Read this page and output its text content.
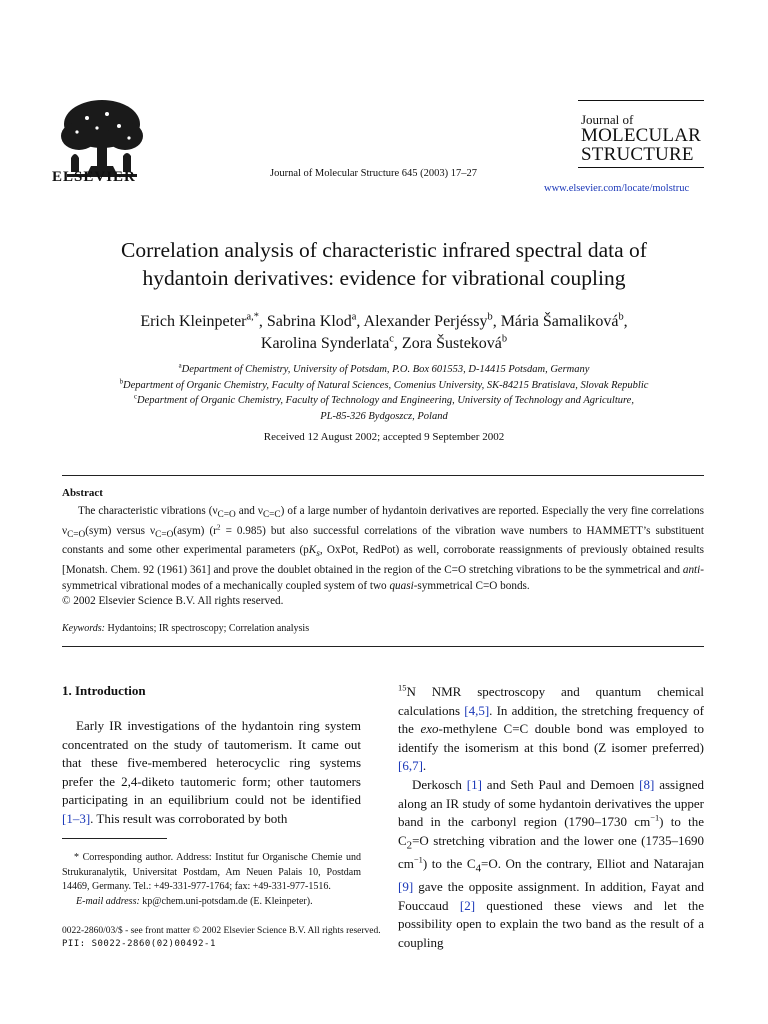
ELSEVIER	Journal of Molecular Structure 645 (2003) 17–27
Journal of
MOLECULAR
STRUCTURE
www.elsevier.com/locate/molstruc
Correlation analysis of characteristic infrared spectral data of
hydantoin derivatives: evidence for vibrational coupling
Erich Kleinpeter$^{a,*}$, Sabrina Klod$^a$, Alexander Perjéssy$^b$, Mária Šamaliková$^b$,
Karolina Synderlata$^c$, Zora Šusteková$^b$
$^a$Department of Chemistry, University of Potsdam, P.O. Box 601553, D-14415 Potsdam, Germany
$^b$Department of Organic Chemistry, Faculty of Natural Sciences, Comenius University, SK-84215 Bratislava, Slovak Republic
$^c$Department of Organic Chemistry, Faculty of Technology and Engineering, University of Technology and Agriculture,
PL-85-326 Bydgoszcz, Poland
Received 12 August 2002; accepted 9 September 2002
Abstract
The characteristic vibrations ($\nu_{C=O}$ and $\nu_{C=C}$) of a large number of hydantoin derivatives are reported. Especially the very fine correlations $\nu_{C=O}(sym)$ versus $\nu_{C=O}(asym) (r^2 = 0.985)$ but also successful correlations of the vibration wave numbers to HAMMETT’s substituent constants and some other experimental parameters ($pK_s$, OxPot, RedPot) as well, corroborate reassignments of previously obtained results [Monatsh. Chem. 92 (1961) 361] and prove the doublet obtained in the region of the C=O stretching vibrations to be the symmetrical and anti-symmetrical vibrational modes of a mechanically coupled system of two quasi-symmetrical C=O bonds.
© 2002 Elsevier Science B.V. All rights reserved.
Keywords: Hydantoins; IR spectroscopy; Correlation analysis
1. Introduction
Early IR investigations of the hydantoin ring system concentrated on the study of tautomerism. It came out that these five-membered heterocyclic ring systems prefer the 2,4-diketo tautomeric form; other tautomers participating in an equilibrium could not be identified [1–3]. This result was corroborated by both
* Corresponding author. Address: Institut fur Organische Chemie und Strukuranalytik, Universitat Postdam, Am Neuen Palais 10, Postdam 14469, Germany. Tel.: +49-331-977-1764; fax: +49-331-977-1516.
E-mail address: kp@chem.uni-potsdam.de (E. Kleinpeter).
$^{15}$N NMR spectroscopy and quantum chemical calculations [4,5]. In addition, the stretching frequency of the exo-methylene C=C double bond was employed to identify the isomerism at this bond (Z isomer preferred) [6,7].
Derkosch [1] and Seth Paul and Demoen [8] assigned along an IR study of some hydantoin derivatives the upper band in the carbonyl region (1790–1730 $cm^{-1}$) to the $C_2=O$ stretching vibration and the lower one (1735–1690 $cm^{-1}$) to the $C_4=O$. On the contrary, Elliot and Natarajan [9] gave the opposite assignment. In addition, Fayat and Fouccaud [2] questioned these views and let the possibility open to explain the two band as the result of a coupling
0022-2860/03/$ - see front matter © 2002 Elsevier Science B.V. All rights reserved.
PII: S0022-2860(02)00492-1
